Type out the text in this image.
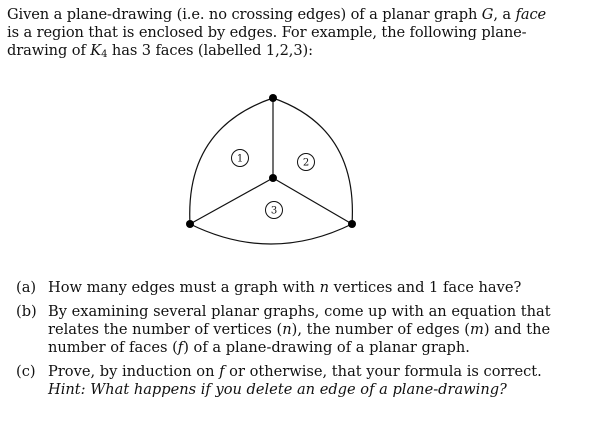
Given a plane-drawing (i.e. no crossing edges) of a planar graph G, a face
is a region that is enclosed by edges. For example, the following plane-
drawing of $K_4$ has 3 faces (labelled 1,2,3):
1	2
3
(a) How many edges must a graph with n vertices and 1 face have?
(b) By examining several planar graphs, come up with an equation that
relates the number of vertices (n), the number of edges (m) and the
number of faces (f) of a plane-drawing of a planar graph.
(c) Prove, by induction on f or otherwise, that your formula is correct.
Hint: What happens if you delete an edge of a plane-drawing?
